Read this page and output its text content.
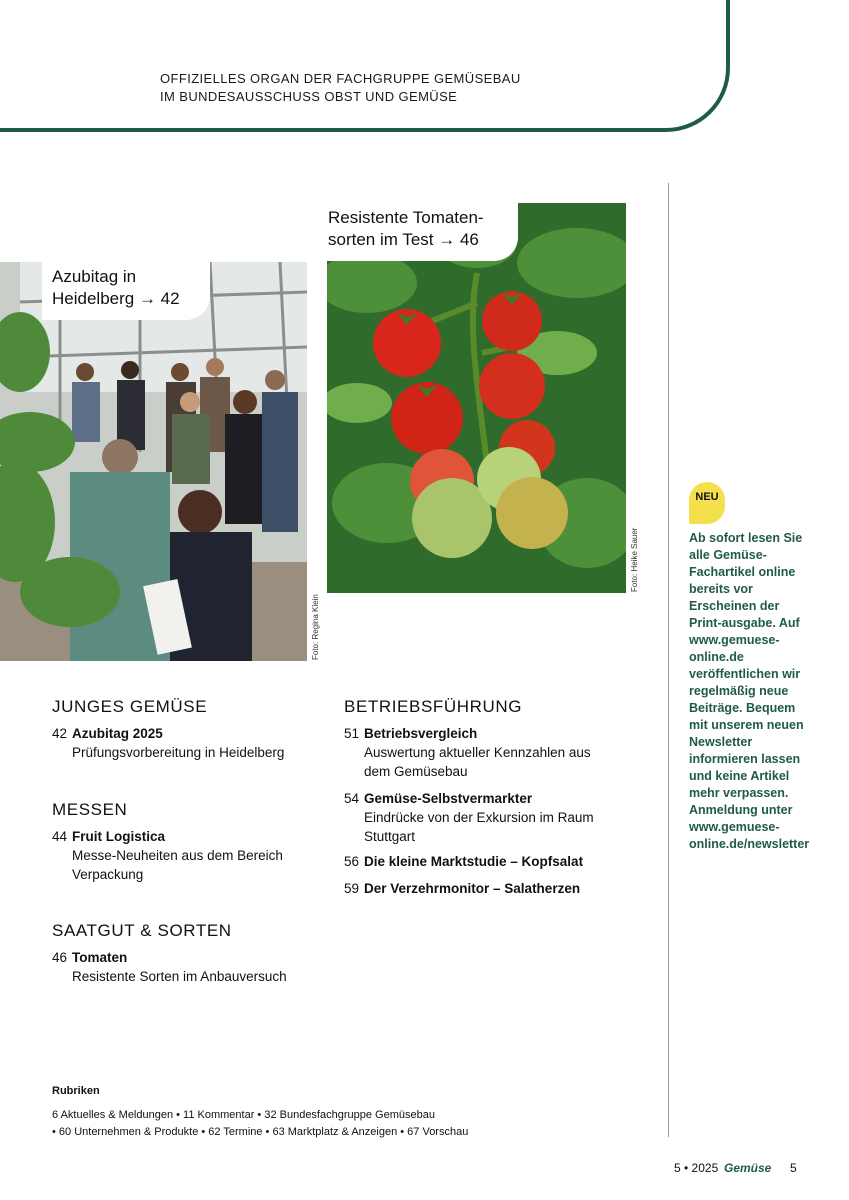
OFFIZIELLES ORGAN DER FACHGRUPPE GEMÜSEBAU
IM BUNDESAUSSCHUSS OBST UND GEMÜSE
Azubitag in
Heidelberg → 42
Foto: Regina Klein
Resistente Tomaten-
sorten im Test → 46
Foto: Heike Sauer
JUNGES GEMÜSE
42 Azubitag 2025
Prüfungsvorbereitung in Heidelberg
MESSEN
44 Fruit Logistica
Messe-Neuheiten aus dem Bereich
Verpackung
SAATGUT & SORTEN
46 Tomaten
Resistente Sorten im Anbauversuch
BETRIEBSFÜHRUNG
51 Betriebsvergleich
Auswertung aktueller Kennzahlen aus
dem Gemüsebau
54 Gemüse-Selbstvermarkter
Eindrücke von der Exkursion im Raum
Stuttgart
56 Die kleine Marktstudie – Kopfsalat
59 Der Verzehrmonitor – Salatherzen
NEU
Ab sofort lesen Sie alle Gemüse-Fachartikel online bereits vor Erscheinen der Print-ausgabe. Auf www.gemuese-online.de veröffentlichen wir regelmäßig neue Beiträge. Bequem mit unserem neuen Newsletter informieren lassen und keine Artikel mehr verpassen. Anmeldung unter www.gemuese-online.de/newsletter
Rubriken
6 Aktuelles & Meldungen • 11 Kommentar • 32 Bundesfachgruppe Gemüsebau
• 60 Unternehmen & Produkte • 62 Termine • 63 Marktplatz & Anzeigen • 67 Vorschau
5 • 2025 Gemüse 5
